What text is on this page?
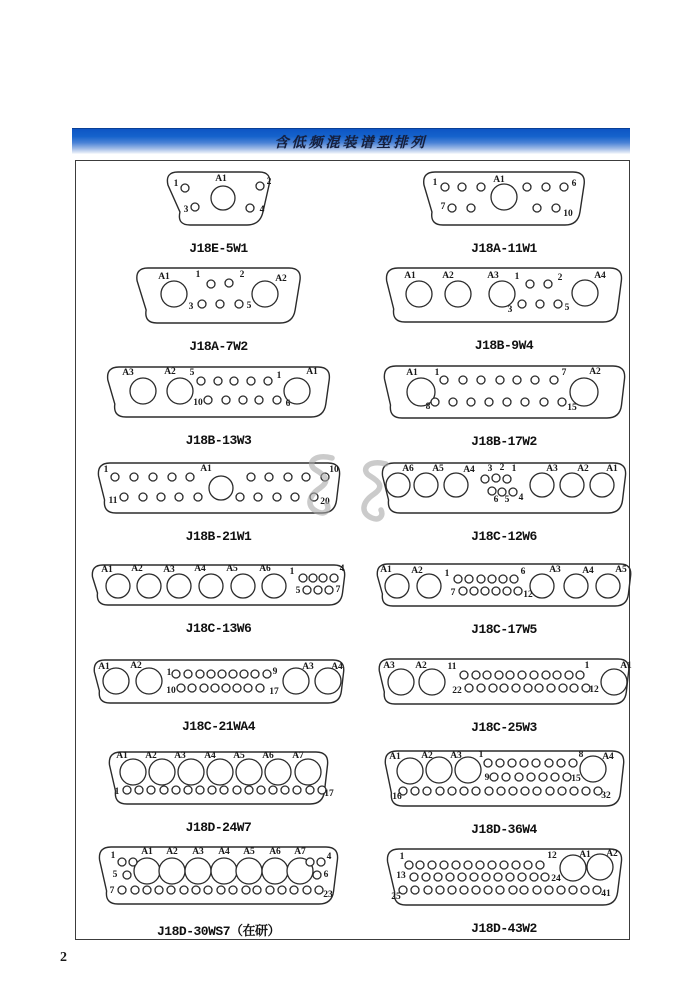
含低频混装谱型排列
A1
1	2
3	4
J18E-5W1
A1
1	6
7
10
J18A-11W1
A1	A2
1	2
3	5
J18A-7W2
A1	A2	A3	A4
1	2
3	5
J18B-9W4
A3	A2	A1
5	1
10	6
J18B-13W3
A1	A2
1	7
8	15
J18B-17W2
A1
1	10
11	20
J18B-21W1
A6 A5 A4	A3 A2 A1
3 2 1
6 5 4
J18C-12W6
A1 A2 A3 A4 A5 A6 1	4
5	7
J18C-13W6
A1 A2	A3 A4 A5
1	6
7	12
J18C-17W5
A1 A2	A3 A4
1	9
10	17
J18C-21WA4
A3 A2	A1
11	1
22	12
J18C-25W3
A1 A2 A3 A4 A5 A6 A7
1	17
J18D-24W7
A1 A2 A3	A4
1	8
9	15
16	32
J18D-36W4
A1 A2 A3 A4 A5 A6 A7
1	4
5	6
7	23
J18D-30WS7（在研）
A1 A2
1	12
13	24
25	41
J18D-43W2
2
